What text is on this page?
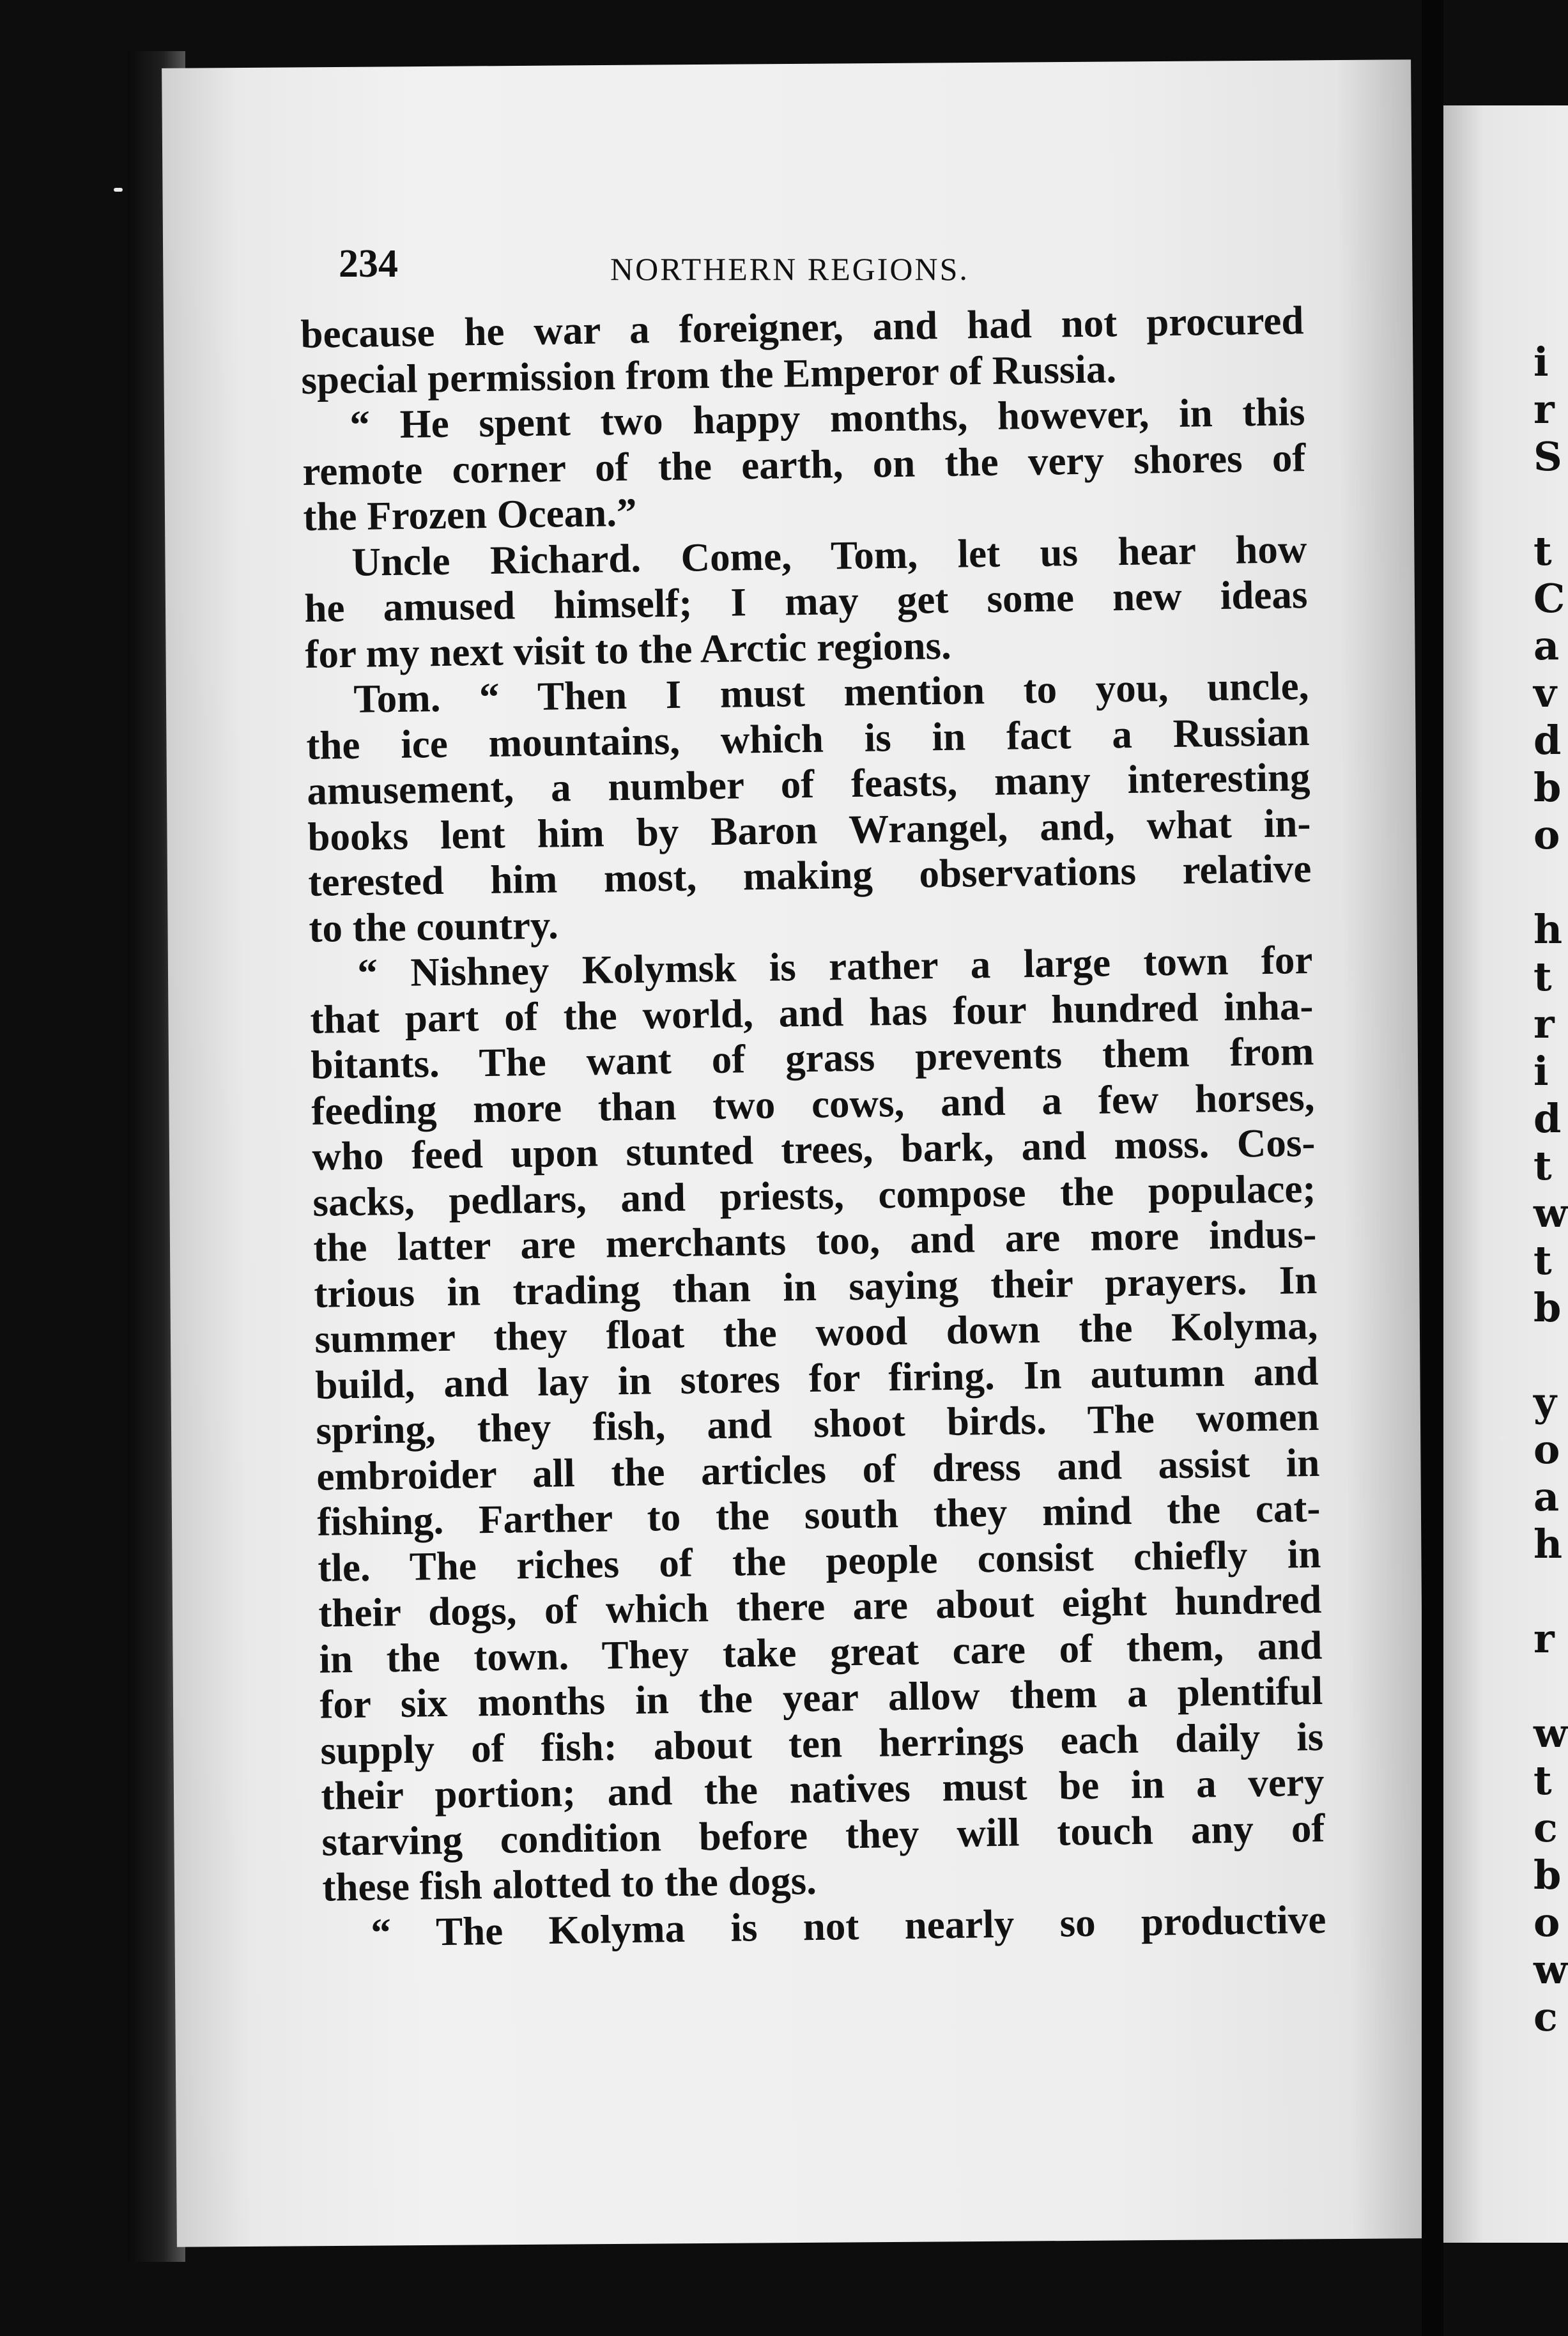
i
r
S
t
C
a
v
d
b
o
h
t
r
i
d
t
w
t
b
y
o
a
h
r
w
t
c
b
o
w
c
234	NORTHERN REGIONS.
because he war a foreigner, and had not procured
special permission from the Emperor of Russia.
“ He spent two happy months, however, in this
remote corner of the earth, on the very shores of
the Frozen Ocean.”
Uncle Richard. Come, Tom, let us hear how
he amused himself; I may get some new ideas
for my next visit to the Arctic regions.
Tom. “ Then I must mention to you, uncle,
the ice mountains, which is in fact a Russian
amusement, a number of feasts, many interesting
books lent him by Baron Wrangel, and, what in-
terested him most, making observations relative
to the country.
“ Nishney Kolymsk is rather a large town for
that part of the world, and has four hundred inha-
bitants. The want of grass prevents them from
feeding more than two cows, and a few horses,
who feed upon stunted trees, bark, and moss. Cos-
sacks, pedlars, and priests, compose the populace;
the latter are merchants too, and are more indus-
trious in trading than in saying their prayers. In
summer they float the wood down the Kolyma,
build, and lay in stores for firing. In autumn and
spring, they fish, and shoot birds. The women
embroider all the articles of dress and assist in
fishing. Farther to the south they mind the cat-
tle. The riches of the people consist chiefly in
their dogs, of which there are about eight hundred
in the town. They take great care of them, and
for six months in the year allow them a plentiful
supply of fish: about ten herrings each daily is
their portion; and the natives must be in a very
starving condition before they will touch any of
these fish alotted to the dogs.
“ The Kolyma is not nearly so productive
